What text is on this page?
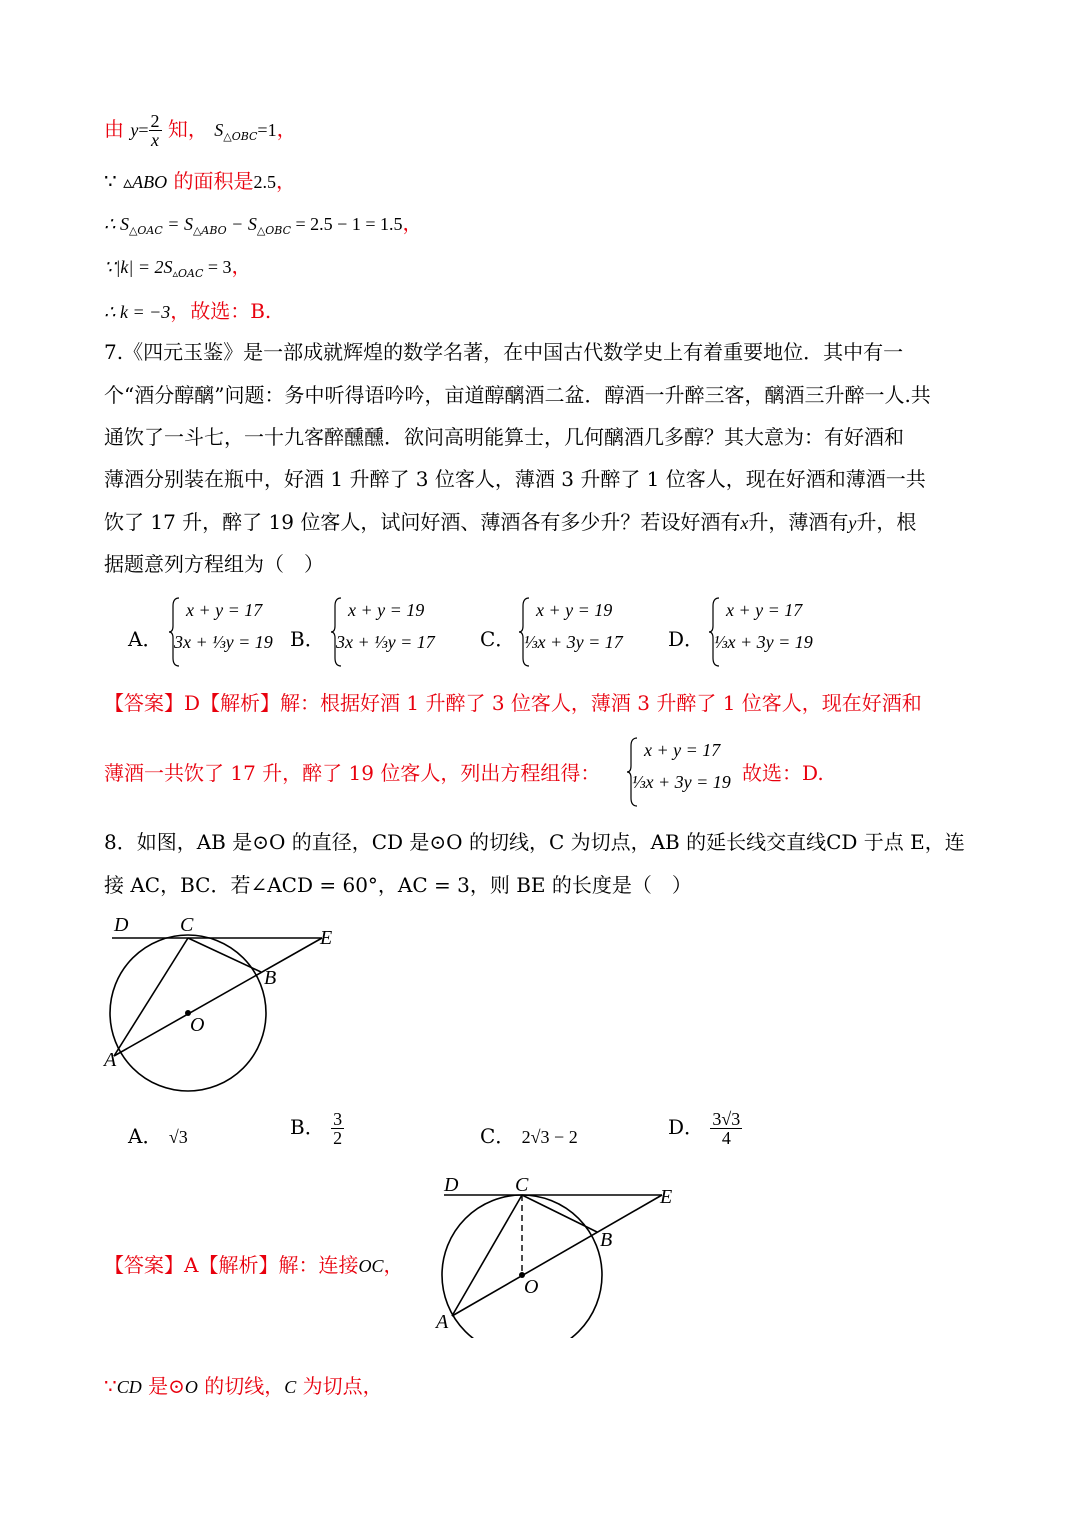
由 $y= \frac{2}{x}$ 知， $S_{\triangle OBC}=1$，
∵ ▵ABO 的面积是2.5，
∴ $S_{\triangle OAC} = S_{\triangle ABO} - S_{\triangle OBC} = 2.5 - 1 = 1.5$，
∵|k| = $2S_{▵OAC} = 3$，
∴ k = −3，故选：B.
7.《四元玉鉴》是一部成就辉煌的数学名著，在中国古代数学史上有着重要地位．其中有一
个“酒分醇醨”问题：务中听得语吟吟，亩道醇醨酒二盆．醇酒一升醉三客，醨酒三升醉一人.共
通饮了一斗七，一十九客醉醺醺．欲问高明能算士，几何醨酒几多醇？其大意为：有好酒和
薄酒分别装在瓶中，好酒 1 升醉了 3 位客人，薄酒 3 升醉了 1 位客人，现在好酒和薄酒一共
饮了 17 升，醉了 19 位客人，试问好酒、薄酒各有多少升？若设好酒有x升，薄酒有y升，根
据题意列方程组为（　）
A．
x + y = 17
3x + ⅓y = 19 B．
x + y = 19
3x + ⅓y = 17 C．
x + y = 19
⅓x + 3y = 17 D．
x + y = 17
⅓x + 3y = 19
【答案】D【解析】解：根据好酒 1 升醉了 3 位客人，薄酒 3 升醉了 1 位客人，现在好酒和
薄酒一共饮了 17 升，醉了 19 位客人，列出方程组得：
x + y = 17
⅓x + 3y = 19 故选：D.
8．如图，AB 是⊙O 的直径，CD 是⊙O 的切线，C 为切点，AB 的延长线交直线CD 于点 E，连
接 AC，BC．若∠ACD = 60°，AC = 3，则 BE 的长度是（　）
D	C
E
B
O
A
A． √3	B． $\frac{3}{2}$	C． 2√3 − 2	D． $\frac{3√3}{4}$
D	C
E
B
O
A
【答案】A【解析】解：连接OC，
∵CD 是⊙O 的切线，C 为切点，
